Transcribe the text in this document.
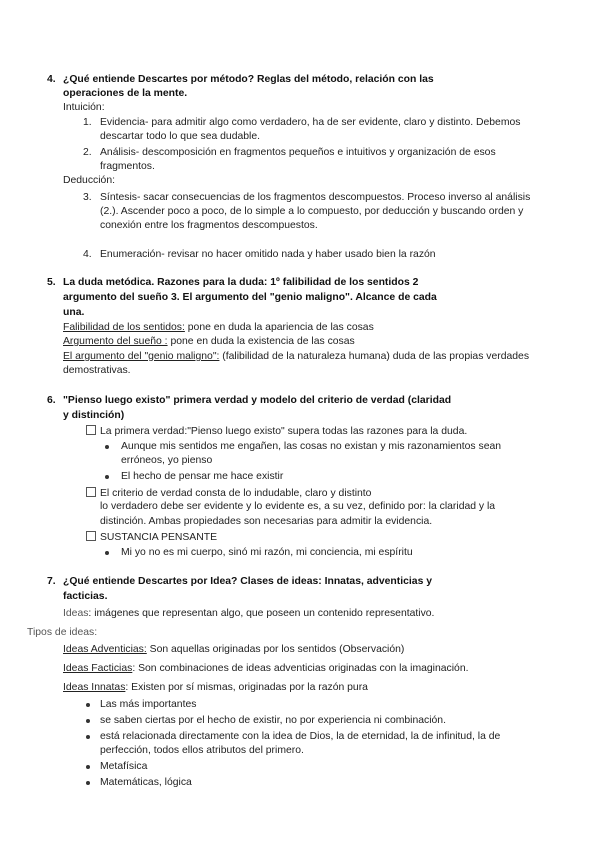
4. ¿Qué entiende Descartes por método? Reglas del método, relación con las
operaciones de la mente.
Intuición:
1. Evidencia- para admitir algo como verdadero, ha de ser evidente, claro y distinto. Debemos
descartar todo lo que sea dudable.
2. Análisis- descomposición en fragmentos pequeños e intuitivos y organización de esos
fragmentos.
Deducción:
3. Síntesis- sacar consecuencias de los fragmentos descompuestos. Proceso inverso al análisis
(2.). Ascender poco a poco, de lo simple a lo compuesto, por deducción y buscando orden y
conexión entre los fragmentos descompuestos.
4. Enumeración- revisar no hacer omitido nada y haber usado bien la razón
5. La duda metódica. Razones para la duda: 1º falibilidad de los sentidos 2
argumento del sueño 3. El argumento del "genio maligno". Alcance de cada
una.
Falibilidad de los sentidos: pone en duda la apariencia de las cosas
Argumento del sueño : pone en duda la existencia de las cosas
El argumento del "genio maligno": (falibilidad de la naturaleza humana) duda de las propias verdades
demostrativas.
6. "Pienso luego existo" primera verdad y modelo del criterio de verdad (claridad
y distinción)
La primera verdad:"Pienso luego existo" supera todas las razones para la duda.
Aunque mis sentidos me engañen, las cosas no existan y mis razonamientos sean
erróneos, yo pienso
El hecho de pensar me hace existir
El criterio de verdad consta de lo indudable, claro y distinto
lo verdadero debe ser evidente y lo evidente es, a su vez, definido por: la claridad y la
distinción. Ambas propiedades son necesarias para admitir la evidencia.
SUSTANCIA PENSANTE
Mi yo no es mi cuerpo, sinó mi razón, mi conciencia, mi espíritu
7. ¿Qué entiende Descartes por Idea? Clases de ideas: Innatas, adventicias y
facticias.
Ideas: imágenes que representan algo, que poseen un contenido representativo.
Tipos de ideas:
Ideas Adventicias: Son aquellas originadas por los sentidos (Observación)
Ideas Facticias: Son combinaciones de ideas adventicias originadas con la imaginación.
Ideas Innatas: Existen por sí mismas, originadas por la razón pura
Las más importantes
se saben ciertas por el hecho de existir, no por experiencia ni combinación.
está relacionada directamente con la idea de Dios, la de eternidad, la de infinitud, la de
perfección, todos ellos atributos del primero.
Metafísica
Matemáticas, lógica
